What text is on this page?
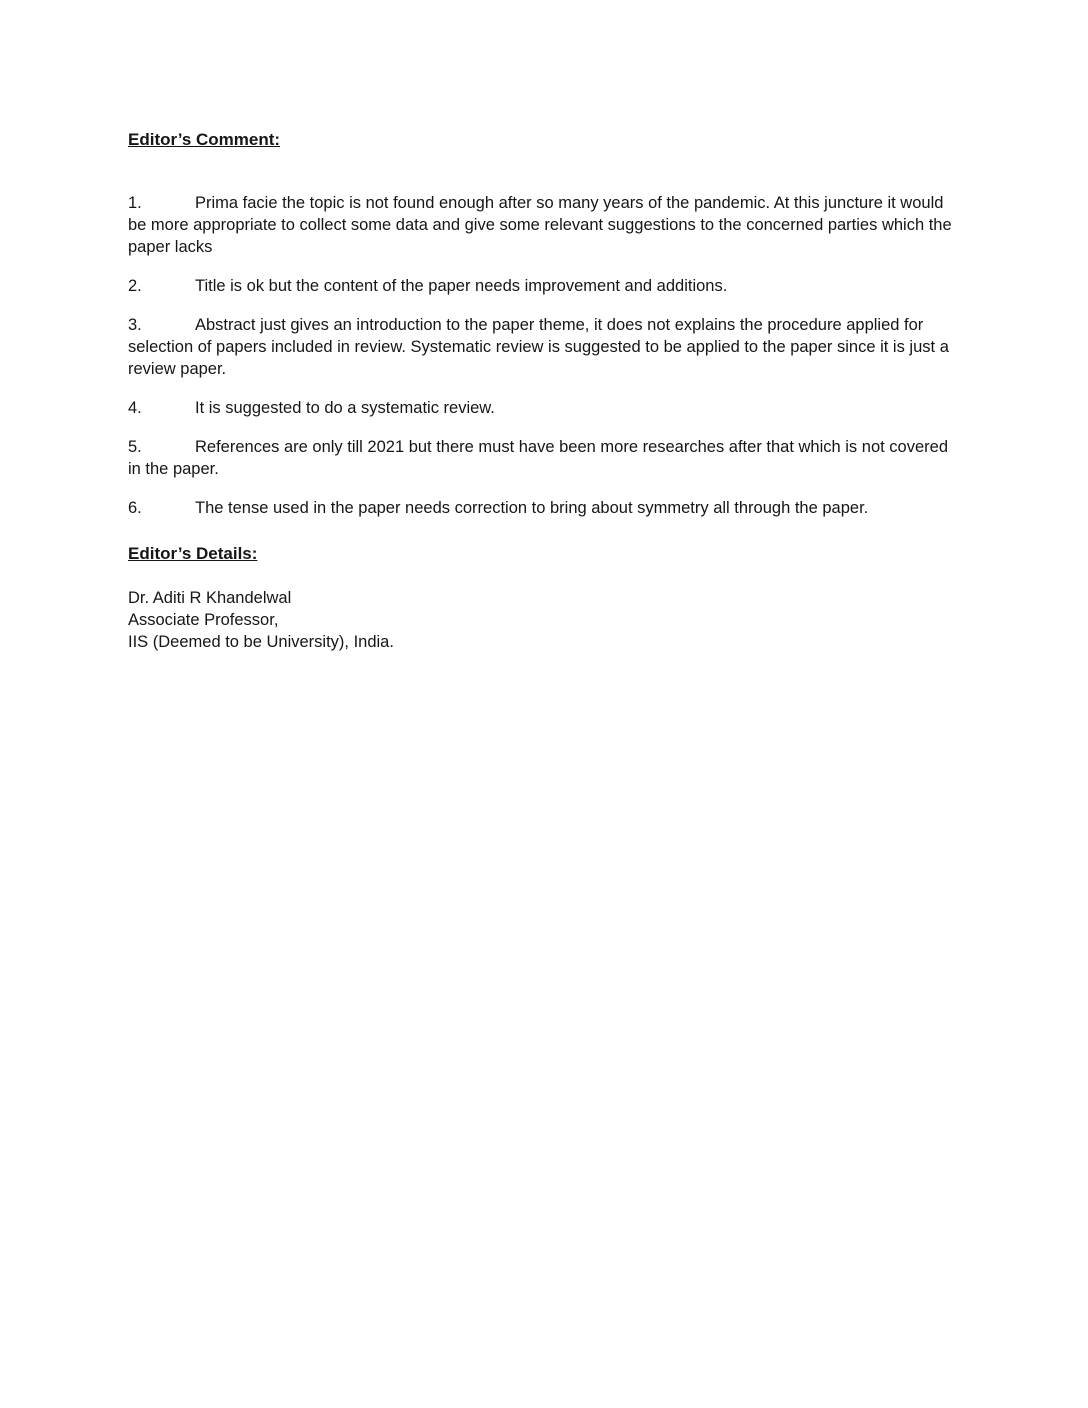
Editor’s Comment:

1.	Prima facie the topic is not found enough after so many years of the pandemic. At this juncture it would be more appropriate to collect some data and give some relevant suggestions to the concerned parties which the paper lacks

2.	Title is ok but the content of the paper needs improvement and additions.

3.	Abstract just gives an introduction to the paper theme, it does not explains the procedure applied for selection of papers included in review. Systematic review is suggested to be applied to the paper since it is just a review paper.

4.	It is suggested to do a systematic review.

5.	References are only till 2021 but there must have been more researches after that which is not covered in the paper.

6.	The tense used in the paper needs correction to bring about symmetry all through the paper.

Editor’s Details:

Dr. Aditi R Khandelwal

Associate Professor,

IIS (Deemed to be University), India.
